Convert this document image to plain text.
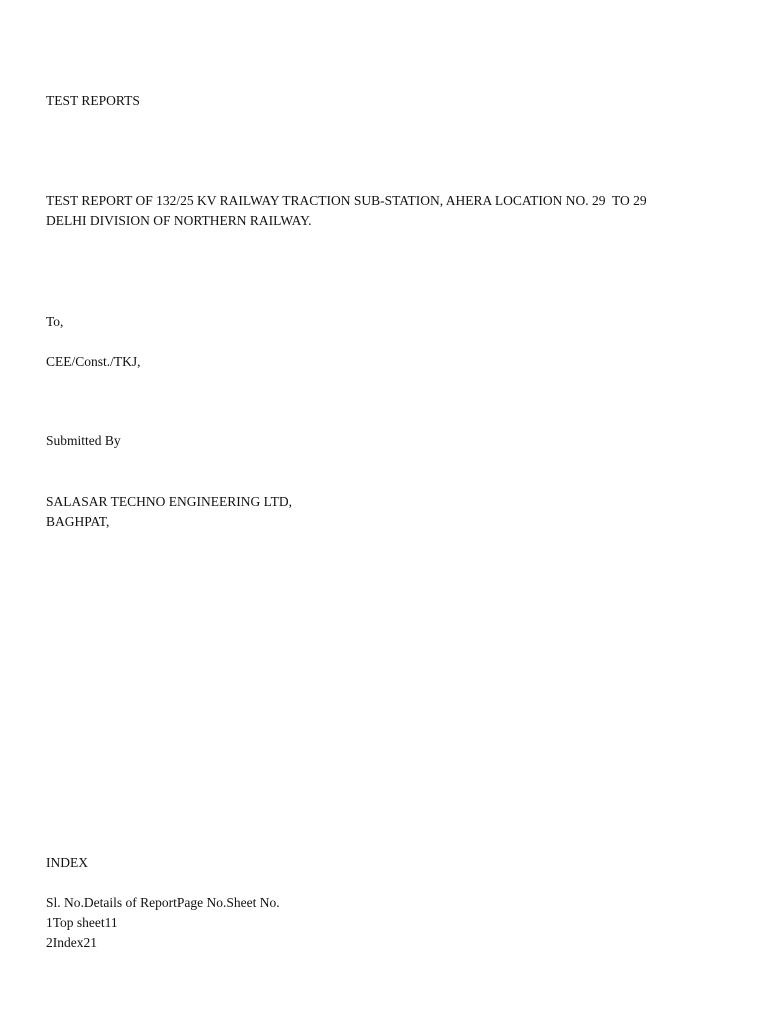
TEST REPORTS
TEST REPORT OF 132/25 KV RAILWAY TRACTION SUB-STATION, AHERA LOCATION NO. 29  TO 29
DELHI DIVISION OF NORTHERN RAILWAY.
To,
CEE/Const./TKJ,
Submitted By
SALASAR TECHNO ENGINEERING LTD,
BAGHPAT,
INDEX
Sl. No.Details of ReportPage No.Sheet No.
1Top sheet11
2Index21
